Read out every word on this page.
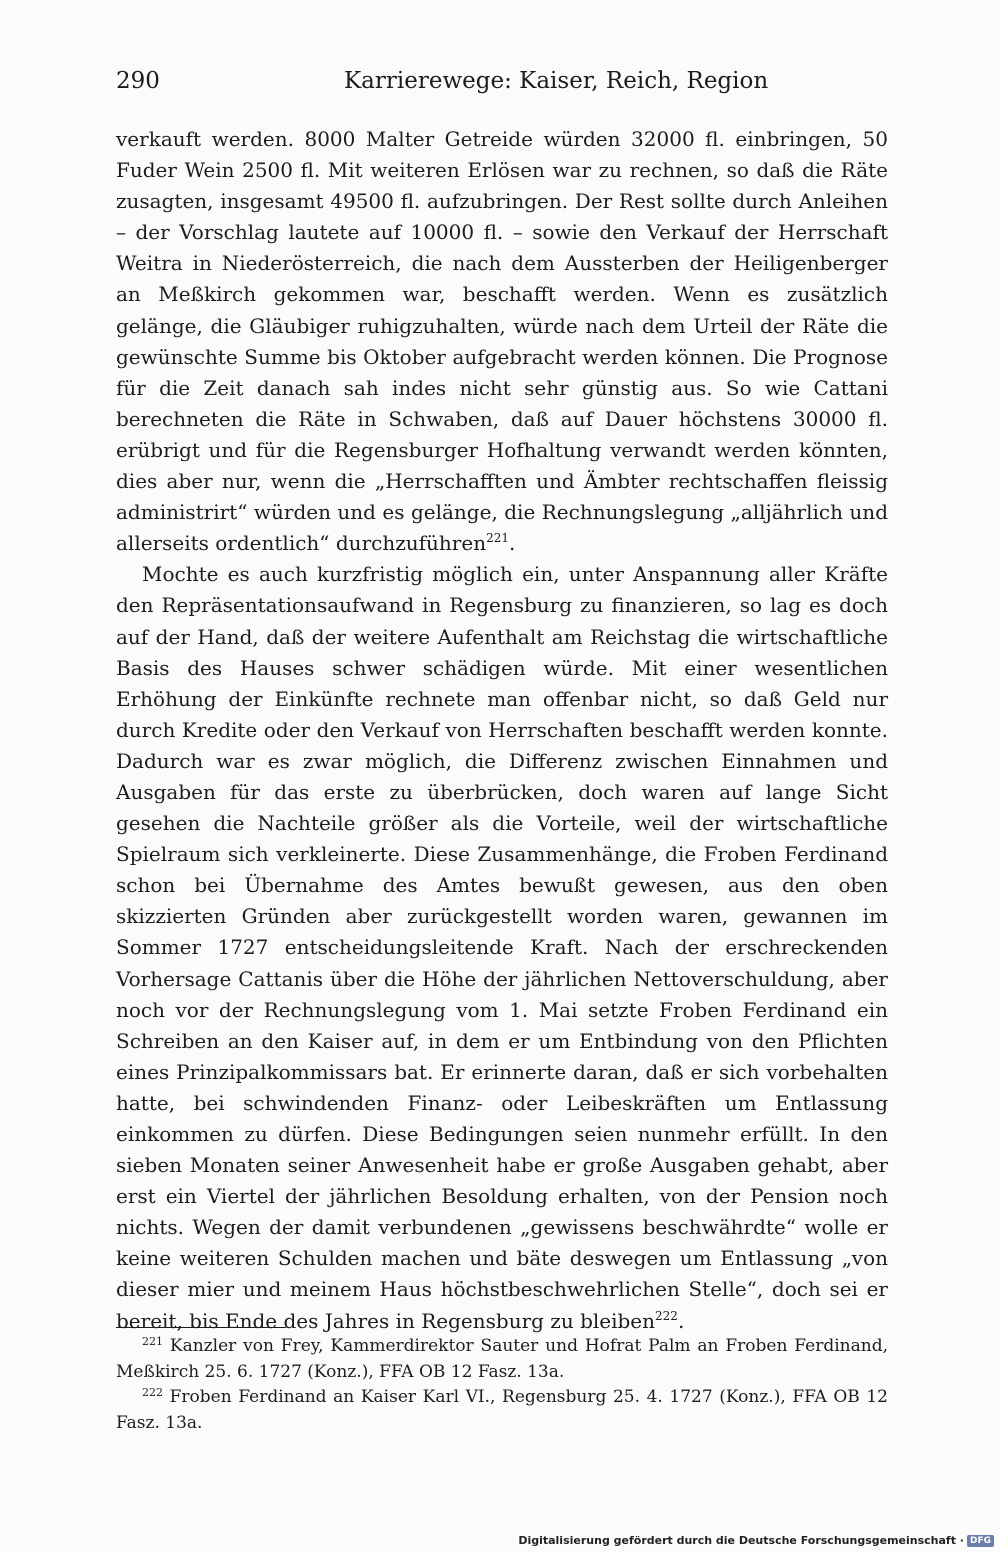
290	Karrierewege: Kaiser, Reich, Region

verkauft werden. 8000 Malter Getreide würden 32000 fl. einbringen, 50 Fuder Wein 2500 fl. Mit weiteren Erlösen war zu rechnen, so daß die Räte zusagten, insgesamt 49500 fl. aufzubringen. Der Rest sollte durch Anleihen – der Vorschlag lautete auf 10000 fl. – sowie den Verkauf der Herrschaft Weitra in Niederösterreich, die nach dem Aussterben der Heiligenberger an Meßkirch gekommen war, beschafft werden. Wenn es zusätzlich gelänge, die Gläubiger ruhigzuhalten, würde nach dem Urteil der Räte die gewünschte Summe bis Oktober aufgebracht werden können. Die Prognose für die Zeit danach sah indes nicht sehr günstig aus. So wie Cattani berechneten die Räte in Schwaben, daß auf Dauer höchstens 30000 fl. erübrigt und für die Regensburger Hofhaltung verwandt werden könnten, dies aber nur, wenn die „Herrschafften und Ämbter rechtschaffen fleissig administrirt“ würden und es gelänge, die Rechnungslegung „alljährlich und allerseits ordentlich“ durchzuführen$^{221}$.

Mochte es auch kurzfristig möglich ein, unter Anspannung aller Kräfte den Repräsentationsaufwand in Regensburg zu finanzieren, so lag es doch auf der Hand, daß der weitere Aufenthalt am Reichstag die wirtschaftliche Basis des Hauses schwer schädigen würde. Mit einer wesentlichen Erhöhung der Einkünfte rechnete man offenbar nicht, so daß Geld nur durch Kredite oder den Verkauf von Herrschaften beschafft werden konnte. Dadurch war es zwar möglich, die Differenz zwischen Einnahmen und Ausgaben für das erste zu überbrücken, doch waren auf lange Sicht gesehen die Nachteile größer als die Vorteile, weil der wirtschaftliche Spielraum sich verkleinerte. Diese Zusammenhänge, die Froben Ferdinand schon bei Übernahme des Amtes bewußt gewesen, aus den oben skizzierten Gründen aber zurückgestellt worden waren, gewannen im Sommer 1727 entscheidungsleitende Kraft. Nach der erschreckenden Vorhersage Cattanis über die Höhe der jährlichen Nettoverschuldung, aber noch vor der Rechnungslegung vom 1. Mai setzte Froben Ferdinand ein Schreiben an den Kaiser auf, in dem er um Entbindung von den Pflichten eines Prinzipalkommissars bat. Er erinnerte daran, daß er sich vorbehalten hatte, bei schwindenden Finanz- oder Leibeskräften um Entlassung einkommen zu dürfen. Diese Bedingungen seien nunmehr erfüllt. In den sieben Monaten seiner Anwesenheit habe er große Ausgaben gehabt, aber erst ein Viertel der jährlichen Besoldung erhalten, von der Pension noch nichts. Wegen der damit verbundenen „gewissens beschwährdte“ wolle er keine weiteren Schulden machen und bäte deswegen um Entlassung „von dieser mier und meinem Haus höchstbeschwehrlichen Stelle“, doch sei er bereit, bis Ende des Jahres in Regensburg zu bleiben$^{222}$.

$^{221}$ Kanzler von Frey, Kammerdirektor Sauter und Hofrat Palm an Froben Ferdinand, Meßkirch 25. 6. 1727 (Konz.), FFA OB 12 Fasz. 13a.

$^{222}$ Froben Ferdinand an Kaiser Karl VI., Regensburg 25. 4. 1727 (Konz.), FFA OB 12 Fasz. 13a.

Digitalisierung gefördert durch die Deutsche Forschungsgemeinschaft · DFG
